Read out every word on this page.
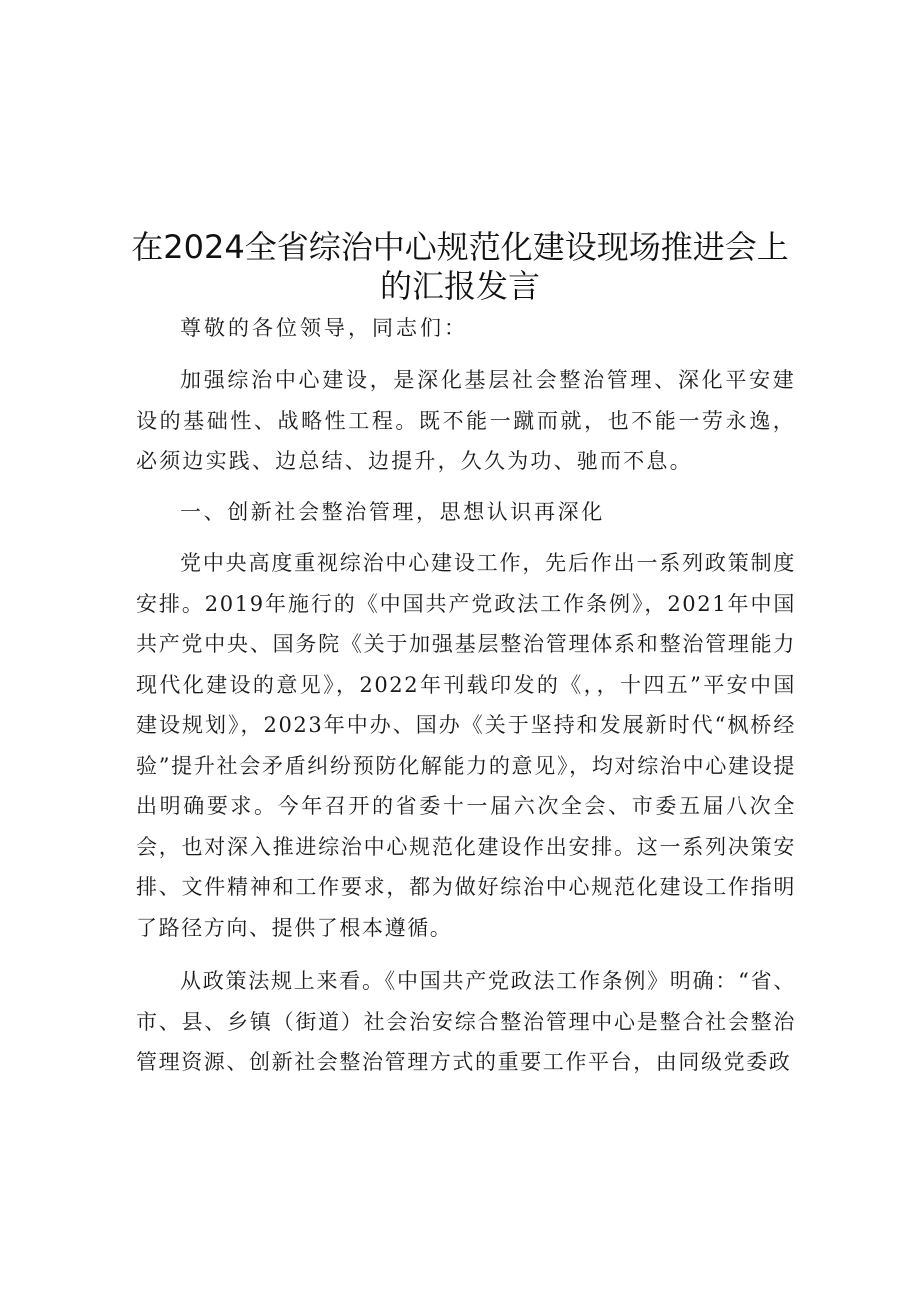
在2024全省综治中心规范化建设现场推进会上
的汇报发言

尊敬的各位领导，同志们：

加强综治中心建设，是深化基层社会整治管理、深化平安建设的基础性、战略性工程。既不能一蹴而就，也不能一劳永逸，必须边实践、边总结、边提升，久久为功、驰而不息。

一、创新社会整治管理，思想认识再深化

党中央高度重视综治中心建设工作，先后作出一系列政策制度安排。2019年施行的《中国共产党政法工作条例》，2021年中国共产党中央、国务院《关于加强基层整治管理体系和整治管理能力现代化建设的意见》，2022年刊载印发的《，，十四五”平安中国建设规划》，2023年中办、国办《关于坚持和发展新时代“枫桥经验”提升社会矛盾纠纷预防化解能力的意见》，均对综治中心建设提出明确要求。今年召开的省委十一届六次全会、市委五届八次全会，也对深入推进综治中心规范化建设作出安排。这一系列决策安排、文件精神和工作要求，都为做好综治中心规范化建设工作指明了路径方向、提供了根本遵循。

从政策法规上来看。《中国共产党政法工作条例》明确：“省、市、县、乡镇（街道）社会治安综合整治管理中心是整合社会整治管理资源、创新社会整治管理方式的重要工作平台，由同级党委政
